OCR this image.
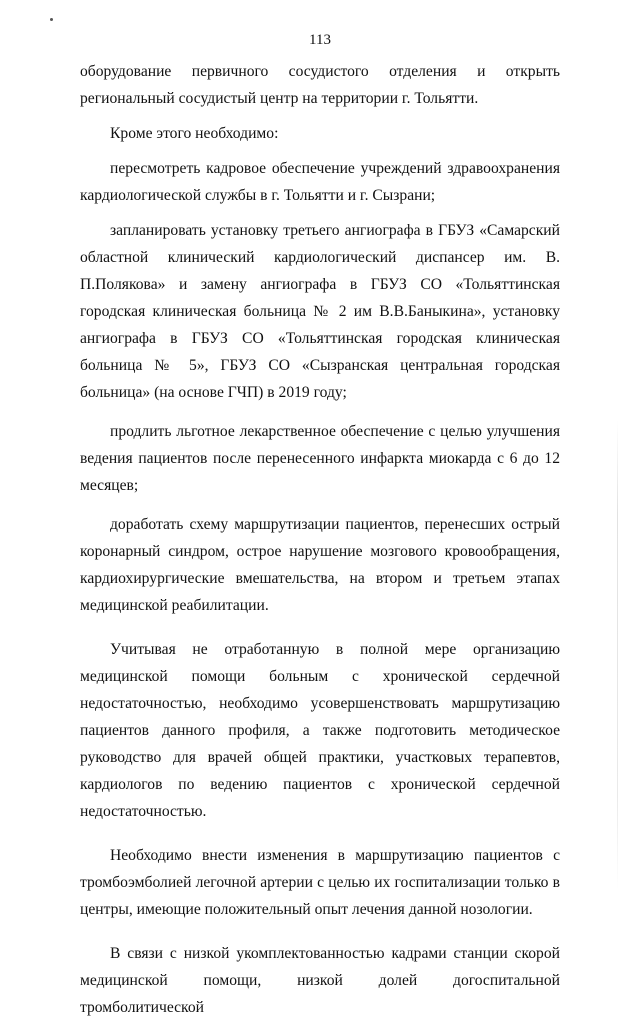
113

оборудование первичного сосудистого отделения и открыть региональный сосудистый центр на территории г. Тольятти.

Кроме этого необходимо:

пересмотреть кадровое обеспечение учреждений здравоохранения кардиологической службы в г. Тольятти и г. Сызрани;

запланировать установку третьего ангиографа в ГБУЗ «Самарский областной клинический кардиологический диспансер им. В. П.Полякова» и замену ангиографа в ГБУЗ СО «Тольяттинская городская клиническая больница № 2 им В.В.Баныкина», установку ангиографа в ГБУЗ СО «Тольяттинская городская клиническая больница № 5», ГБУЗ СО «Сызранская центральная городская больница» (на основе ГЧП) в 2019 году;

продлить льготное лекарственное обеспечение с целью улучшения ведения пациентов после перенесенного инфаркта миокарда с 6 до 12 месяцев;

доработать схему маршрутизации пациентов, перенесших острый коронарный синдром, острое нарушение мозгового кровообращения, кардиохирургические вмешательства, на втором и третьем этапах медицинской реабилитации.

Учитывая не отработанную в полной мере организацию медицинской помощи больным с хронической сердечной недостаточностью, необходимо усовершенствовать маршрутизацию пациентов данного профиля, а также подготовить методическое руководство для врачей общей практики, участковых терапевтов, кардиологов по ведению пациентов с хронической сердечной недостаточностью.

Необходимо внести изменения в маршрутизацию пациентов с тромбоэмболией легочной артерии с целью их госпитализации только в центры, имеющие положительный опыт лечения данной нозологии.

В связи с низкой укомплектованностью кадрами станции скорой медицинской помощи, низкой долей догоспитальной тромболитической
